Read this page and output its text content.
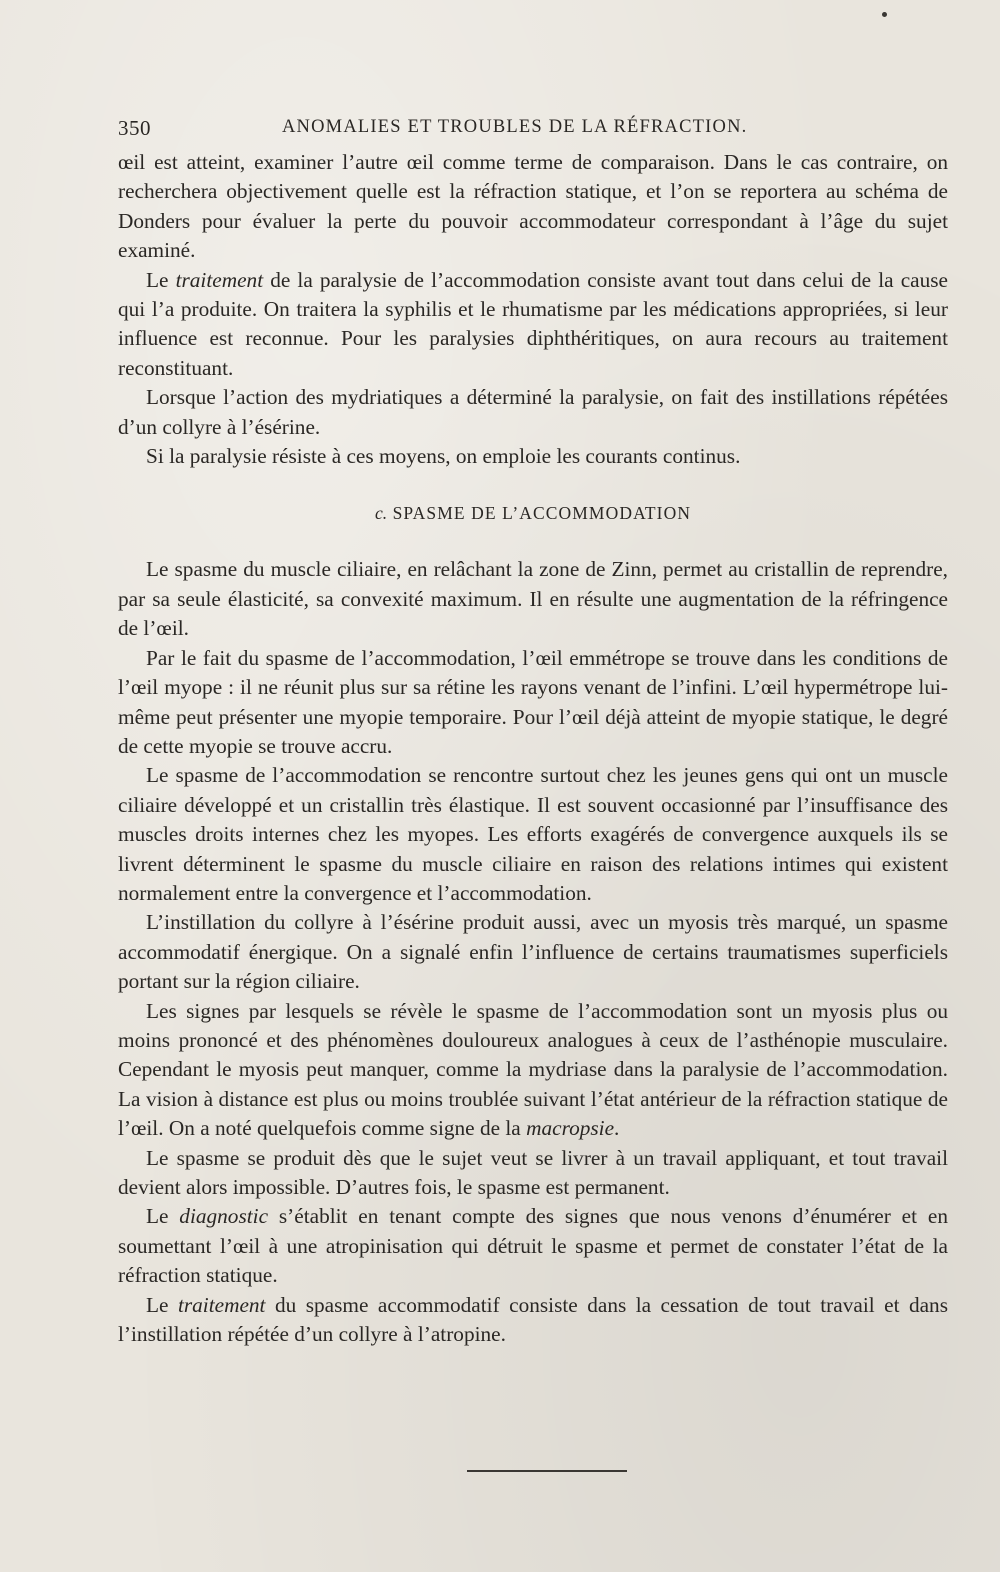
350	ANOMALIES ET TROUBLES DE LA RÉFRACTION.

œil est atteint, examiner l’autre œil comme terme de comparaison. Dans le cas contraire, on recherchera objectivement quelle est la réfraction statique, et l’on se reportera au schéma de Donders pour évaluer la perte du pouvoir accommodateur correspondant à l’âge du sujet examiné.

Le traitement de la paralysie de l’accommodation consiste avant tout dans celui de la cause qui l’a produite. On traitera la syphilis et le rhumatisme par les médications appropriées, si leur influence est reconnue. Pour les paralysies diphthéritiques, on aura recours au traitement reconstituant.

Lorsque l’action des mydriatiques a déterminé la paralysie, on fait des instillations répétées d’un collyre à l’ésérine.

Si la paralysie résiste à ces moyens, on emploie les courants continus.

c. SPASME DE L’ACCOMMODATION

Le spasme du muscle ciliaire, en relâchant la zone de Zinn, permet au cristallin de reprendre, par sa seule élasticité, sa convexité maximum. Il en résulte une augmentation de la réfringence de l’œil.

Par le fait du spasme de l’accommodation, l’œil emmétrope se trouve dans les conditions de l’œil myope : il ne réunit plus sur sa rétine les rayons venant de l’infini. L’œil hypermétrope lui-même peut présenter une myopie temporaire. Pour l’œil déjà atteint de myopie statique, le degré de cette myopie se trouve accru.

Le spasme de l’accommodation se rencontre surtout chez les jeunes gens qui ont un muscle ciliaire développé et un cristallin très élastique. Il est souvent occasionné par l’insuffisance des muscles droits internes chez les myopes. Les efforts exagérés de convergence auxquels ils se livrent déterminent le spasme du muscle ciliaire en raison des relations intimes qui existent normalement entre la convergence et l’accommodation.

L’instillation du collyre à l’ésérine produit aussi, avec un myosis très marqué, un spasme accommodatif énergique. On a signalé enfin l’influence de certains traumatismes superficiels portant sur la région ciliaire.

Les signes par lesquels se révèle le spasme de l’accommodation sont un myosis plus ou moins prononcé et des phénomènes douloureux analogues à ceux de l’asthénopie musculaire. Cependant le myosis peut manquer, comme la mydriase dans la paralysie de l’accommodation. La vision à distance est plus ou moins troublée suivant l’état antérieur de la réfraction statique de l’œil. On a noté quelquefois comme signe de la macropsie.

Le spasme se produit dès que le sujet veut se livrer à un travail appliquant, et tout travail devient alors impossible. D’autres fois, le spasme est permanent.

Le diagnostic s’établit en tenant compte des signes que nous venons d’énumérer et en soumettant l’œil à une atropinisation qui détruit le spasme et permet de constater l’état de la réfraction statique.

Le traitement du spasme accommodatif consiste dans la cessation de tout travail et dans l’instillation répétée d’un collyre à l’atropine.
